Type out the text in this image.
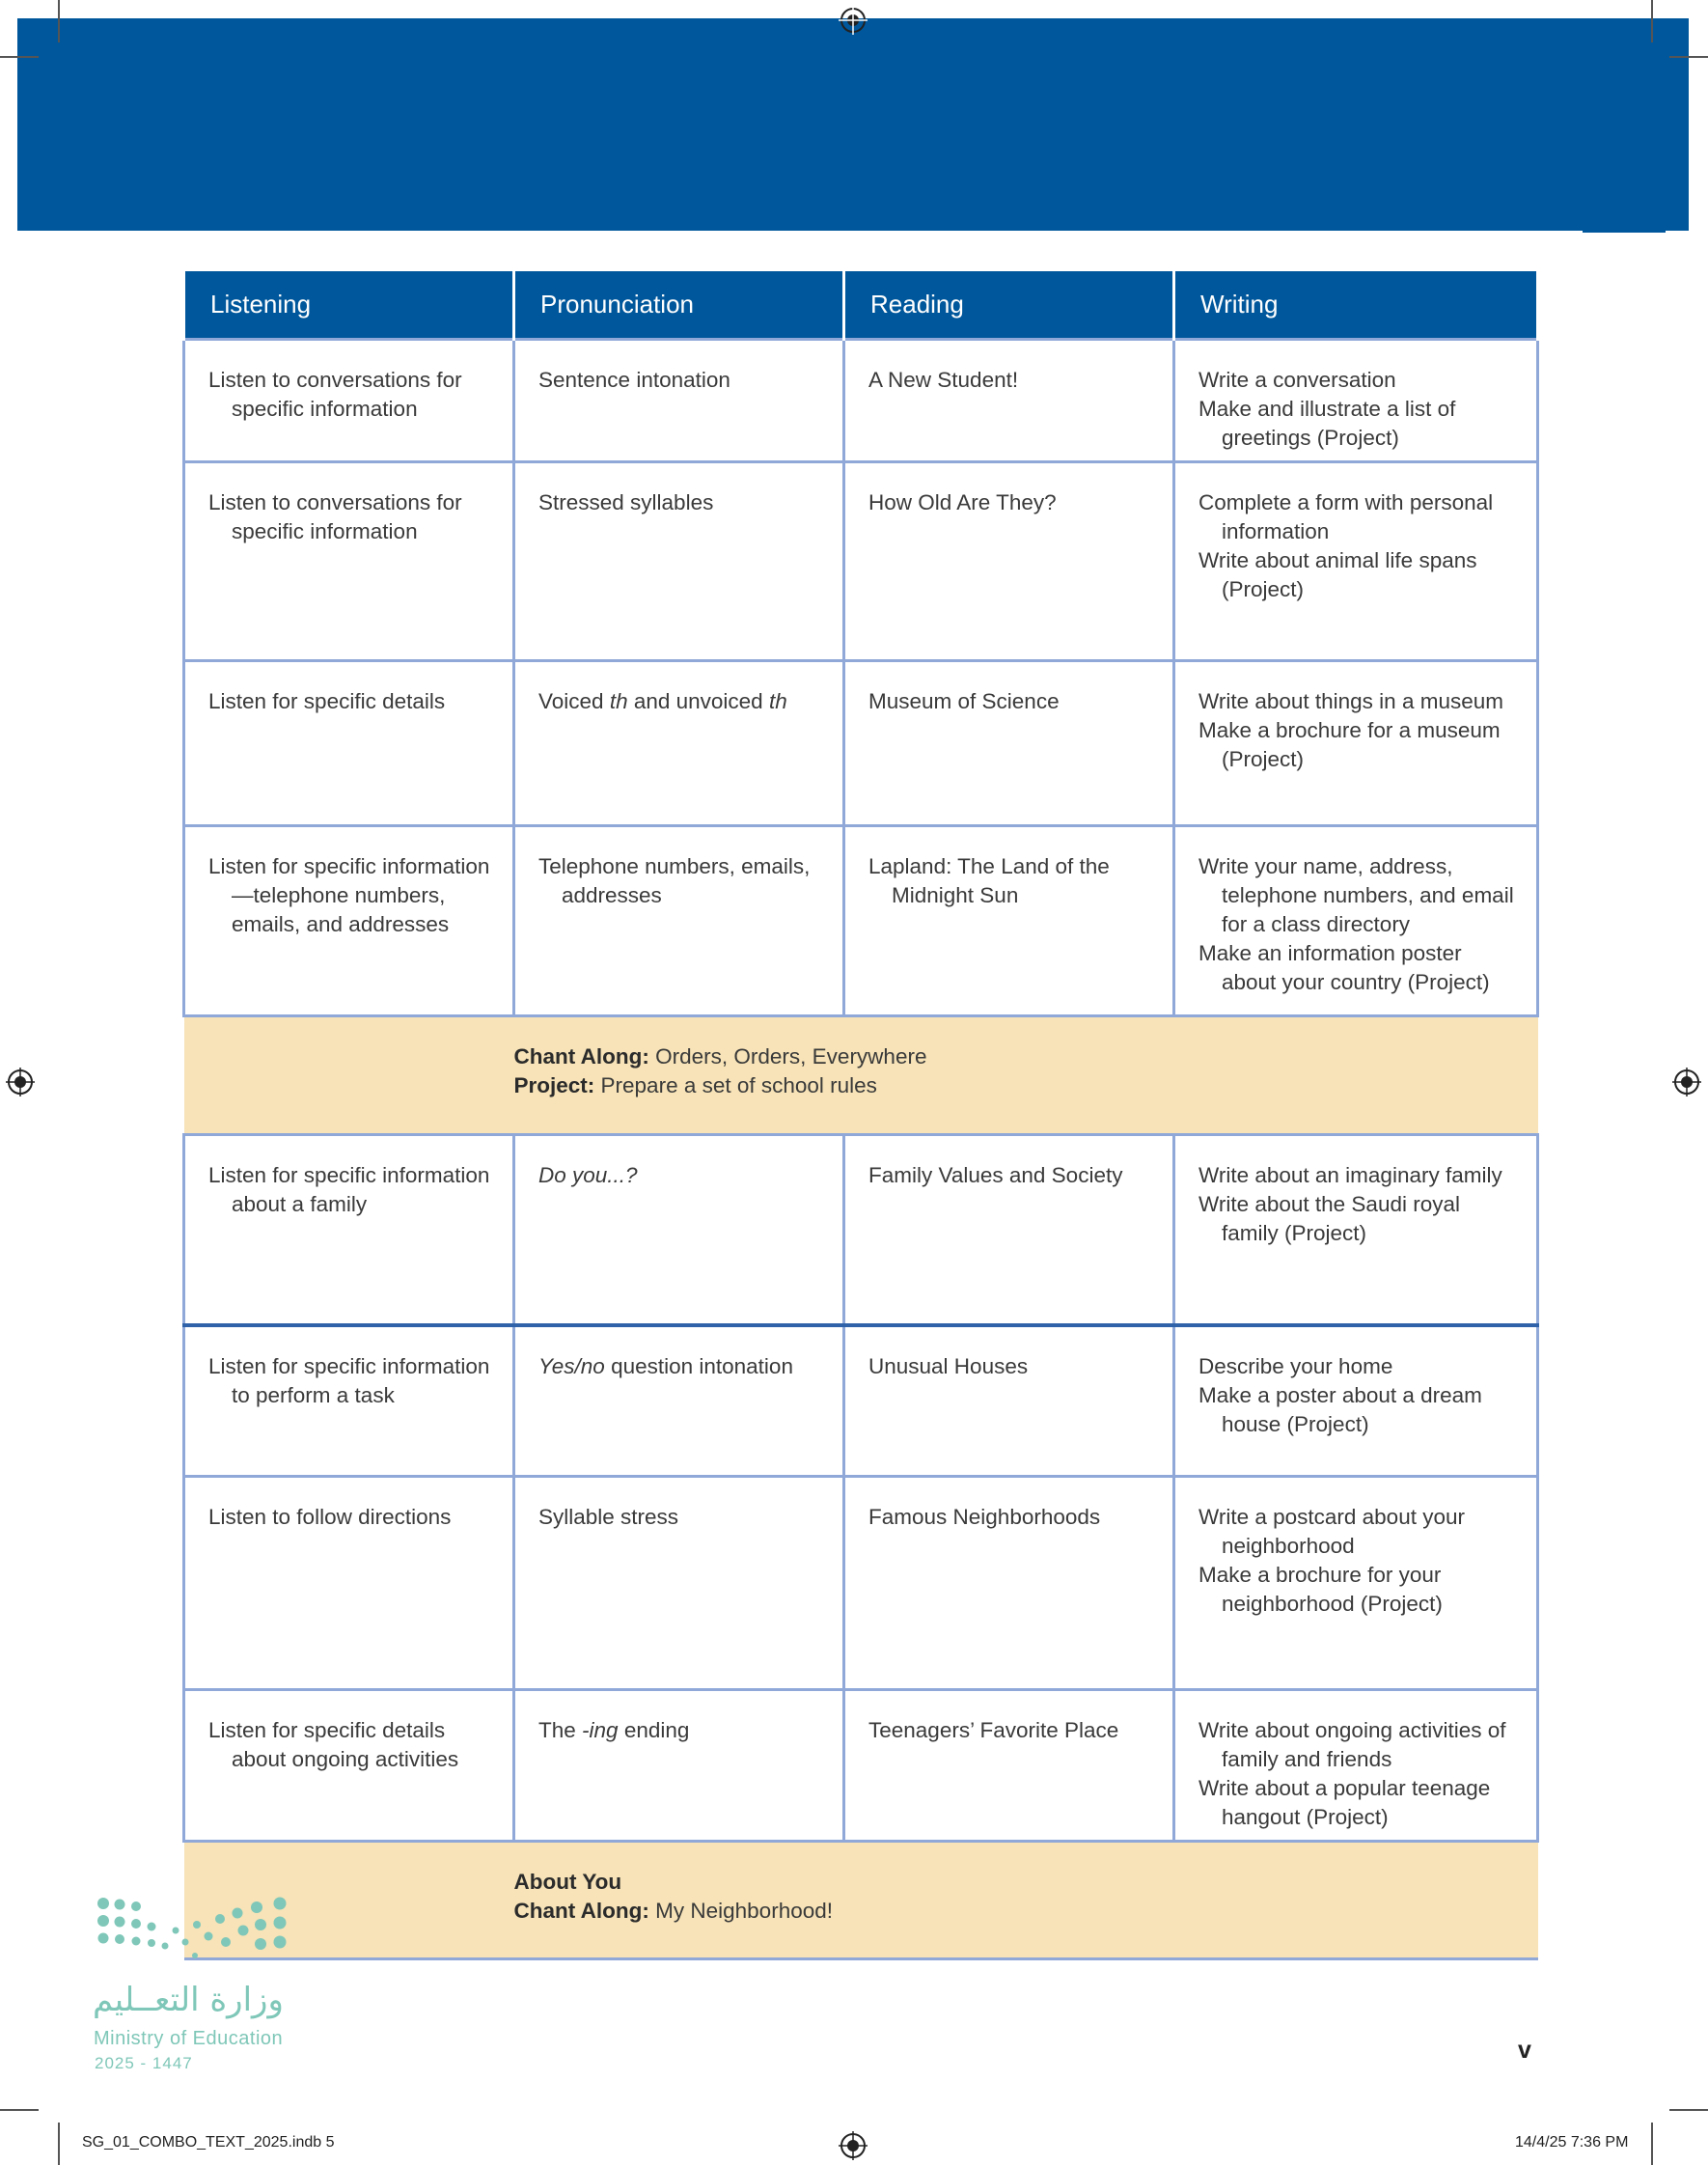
Listening	Pronunciation	Reading	Writing

Listen to conversations for specific information	Sentence intonation	A New Student!	Write a conversation
Make and illustrate a list of greetings (Project)

Listen to conversations for specific information	Stressed syllables	How Old Are They?	Complete a form with personal information
Write about animal life spans (Project)

Listen for specific details	Voiced th and unvoiced th	Museum of Science	Write about things in a museum
Make a brochure for a museum (Project)

Listen for specific information—telephone numbers, emails, and addresses	Telephone numbers, emails, addresses	Lapland: The Land of the Midnight Sun	Write your name, address, telephone numbers, and email for a class directory
Make an information poster about your country (Project)

Chant Along: Orders, Orders, Everywhere
Project: Prepare a set of school rules			

Listen for specific information about a family	Do you...?	Family Values and Society	Write about an imaginary family
Write about the Saudi royal family (Project)

Listen for specific information to perform a task	Yes/no question intonation	Unusual Houses	Describe your home
Make a poster about a dream house (Project)

Listen to follow directions	Syllable stress	Famous Neighborhoods	Write a postcard about your neighborhood
Make a brochure for your neighborhood (Project)

Listen for specific details about ongoing activities	The -ing ending	Teenagers’ Favorite Place	Write about ongoing activities of family and friends
Write about a popular teenage hangout (Project)

About You
Chant Along: My Neighborhood!			
وزارة التعــليم
Ministry of Education
2025 - 1447	v
SG_01_COMBO_TEXT_2025.indb 5	14/4/25 7:36 PM
